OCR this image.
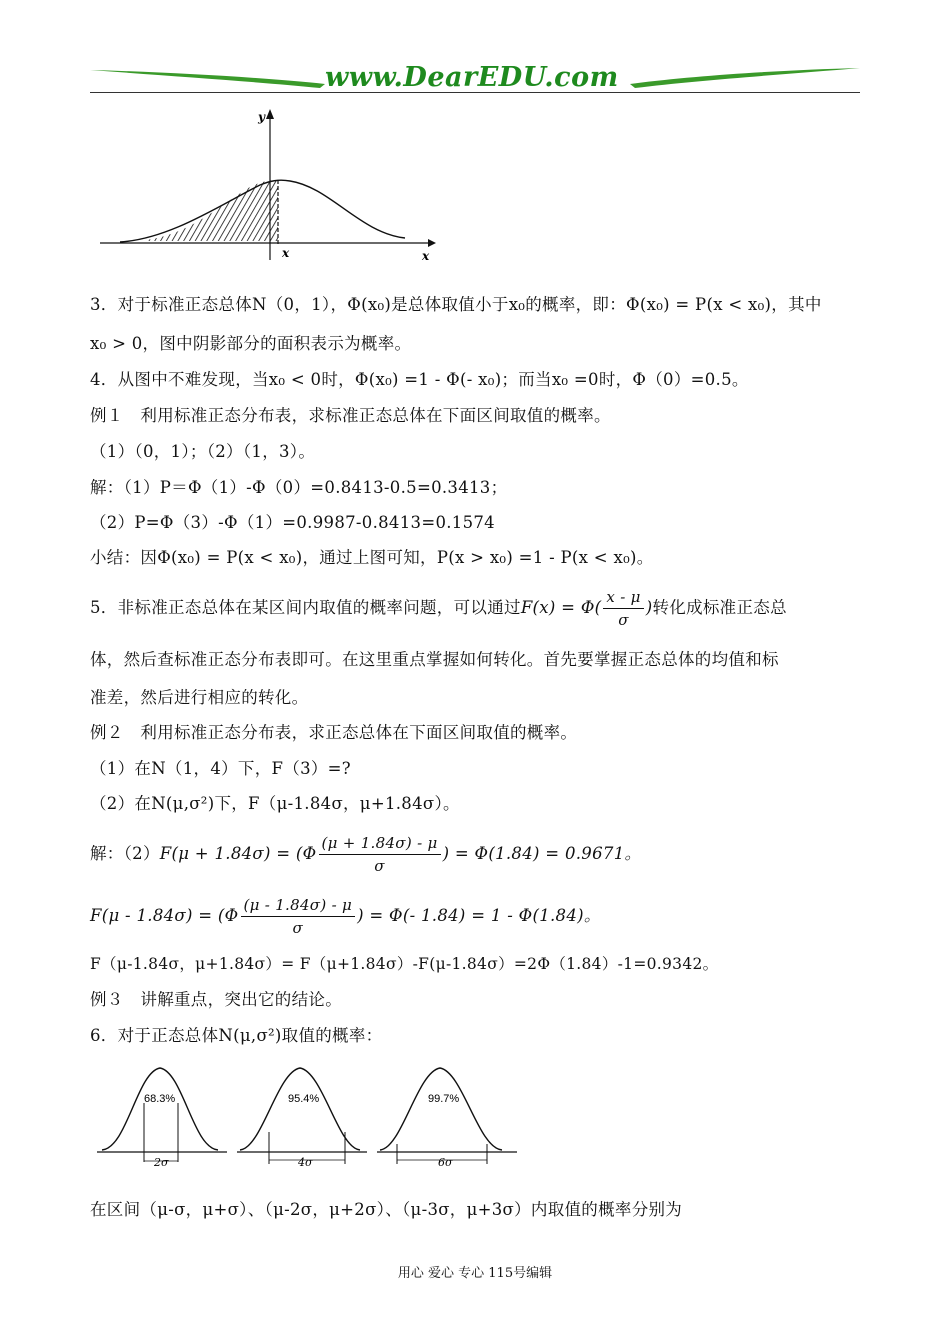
www.DearEDU.com
y
x	x
3．对于标准正态总体N（0，1），Φ(x₀)是总体取值小于x₀的概率，即：Φ(x₀) = P(x < x₀)，其中
x₀ > 0，图中阴影部分的面积表示为概率。
4．从图中不难发现，当x₀ < 0时，Φ(x₀) =1 - Φ(- x₀)；而当x₀ =0时，Φ（0）=0.5。
例１　利用标准正态分布表，求标准正态总体在下面区间取值的概率。
（1）（0，1）；（2）（1，3）。
解：（1）P＝Φ（1）-Φ（0）=0.8413-0.5=0.3413；
（2）P=Φ（3）-Φ（1）=0.9987-0.8413=0.1574
小结：因Φ(x₀) = P(x < x₀)，通过上图可知，P(x > x₀) =1 - P(x < x₀)。
5．非标准正态总体在某区间内取值的概率问题，可以通过$F(x) = \Phi( \frac{x - \mu}{\sigma}$ )转化成标准正态总
体，然后查标准正态分布表即可。在这里重点掌握如何转化。首先要掌握正态总体的均值和标
准差，然后进行相应的转化。
例２　利用标准正态分布表，求正态总体在下面区间取值的概率。
（1）在N（1，4）下，F（3）=?
（2）在N(μ,σ²)下，F（μ-1.84σ，μ+1.84σ）。
解：$(2)F(\mu + 1.84\sigma) = (\Phi \frac{(\mu + 1.84\sigma) - \mu}{\sigma}$ ) = Φ(1.84) = 0.9671。
$F(\mu - 1.84\sigma) = (\Phi \frac{(\mu - 1.84\sigma) - \mu}{\sigma}$ ) = Φ(- 1.84) = 1 - Φ(1.84)。
F（μ-1.84σ，μ+1.84σ）= F（μ+1.84σ）-F(μ-1.84σ）=2Φ（1.84）-1=0.9342。
例３　讲解重点，突出它的结论。
6．对于正态总体N(μ,σ²)取值的概率：
68.3%
2σ
95.4%
4σ
99.7%
6σ
在区间（μ-σ，μ+σ）、（μ-2σ，μ+2σ）、（μ-3σ，μ+3σ）内取值的概率分别为
用心 爱心 专心 115号编辑
